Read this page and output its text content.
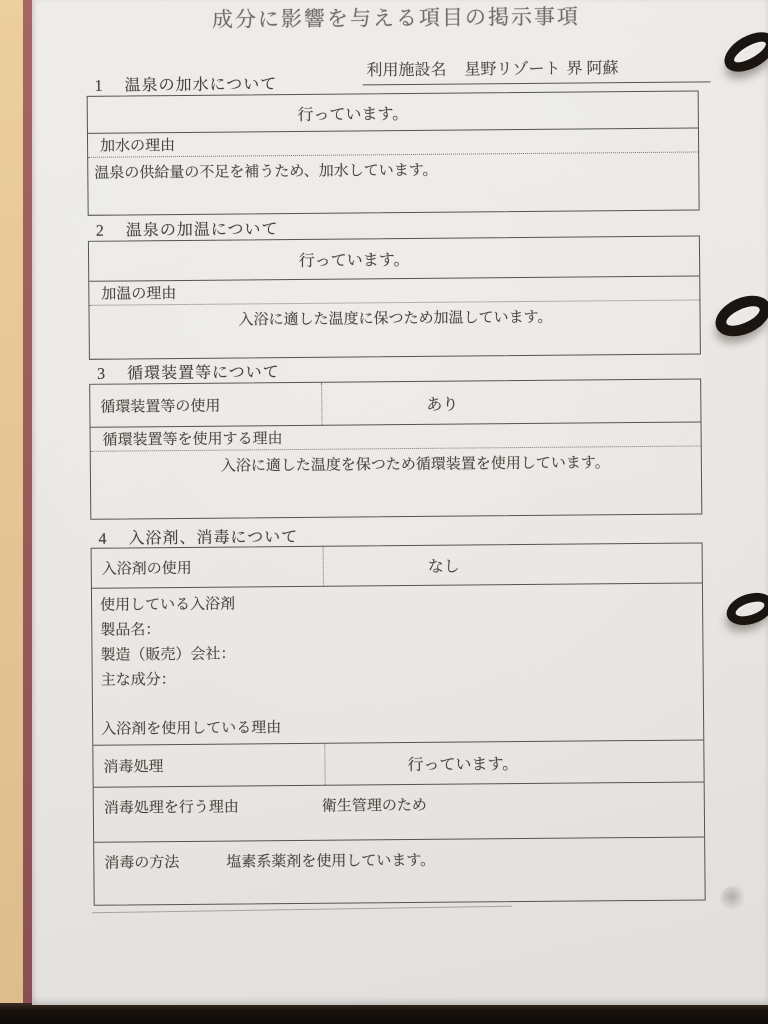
成分に影響を与える項目の掲示事項
利用施設名 星野リゾート 界 阿蘇
1 温泉の加水について
行っています。
加水の理由
温泉の供給量の不足を補うため、加水しています。
2 温泉の加温について
行っています。
加温の理由
入浴に適した温度に保つため加温しています。
3 循環装置等について
循環装置等の使用	あり
循環装置等を使用する理由
入浴に適した温度を保つため循環装置を使用しています。
4 入浴剤、消毒について
入浴剤の使用	なし
使用している入浴剤
製品名：
製造（販売）会社：
主な成分：
入浴剤を使用している理由
消毒処理	行っています。
消毒処理を行う理由	衛生管理のため
消毒の方法	塩素系薬剤を使用しています。
